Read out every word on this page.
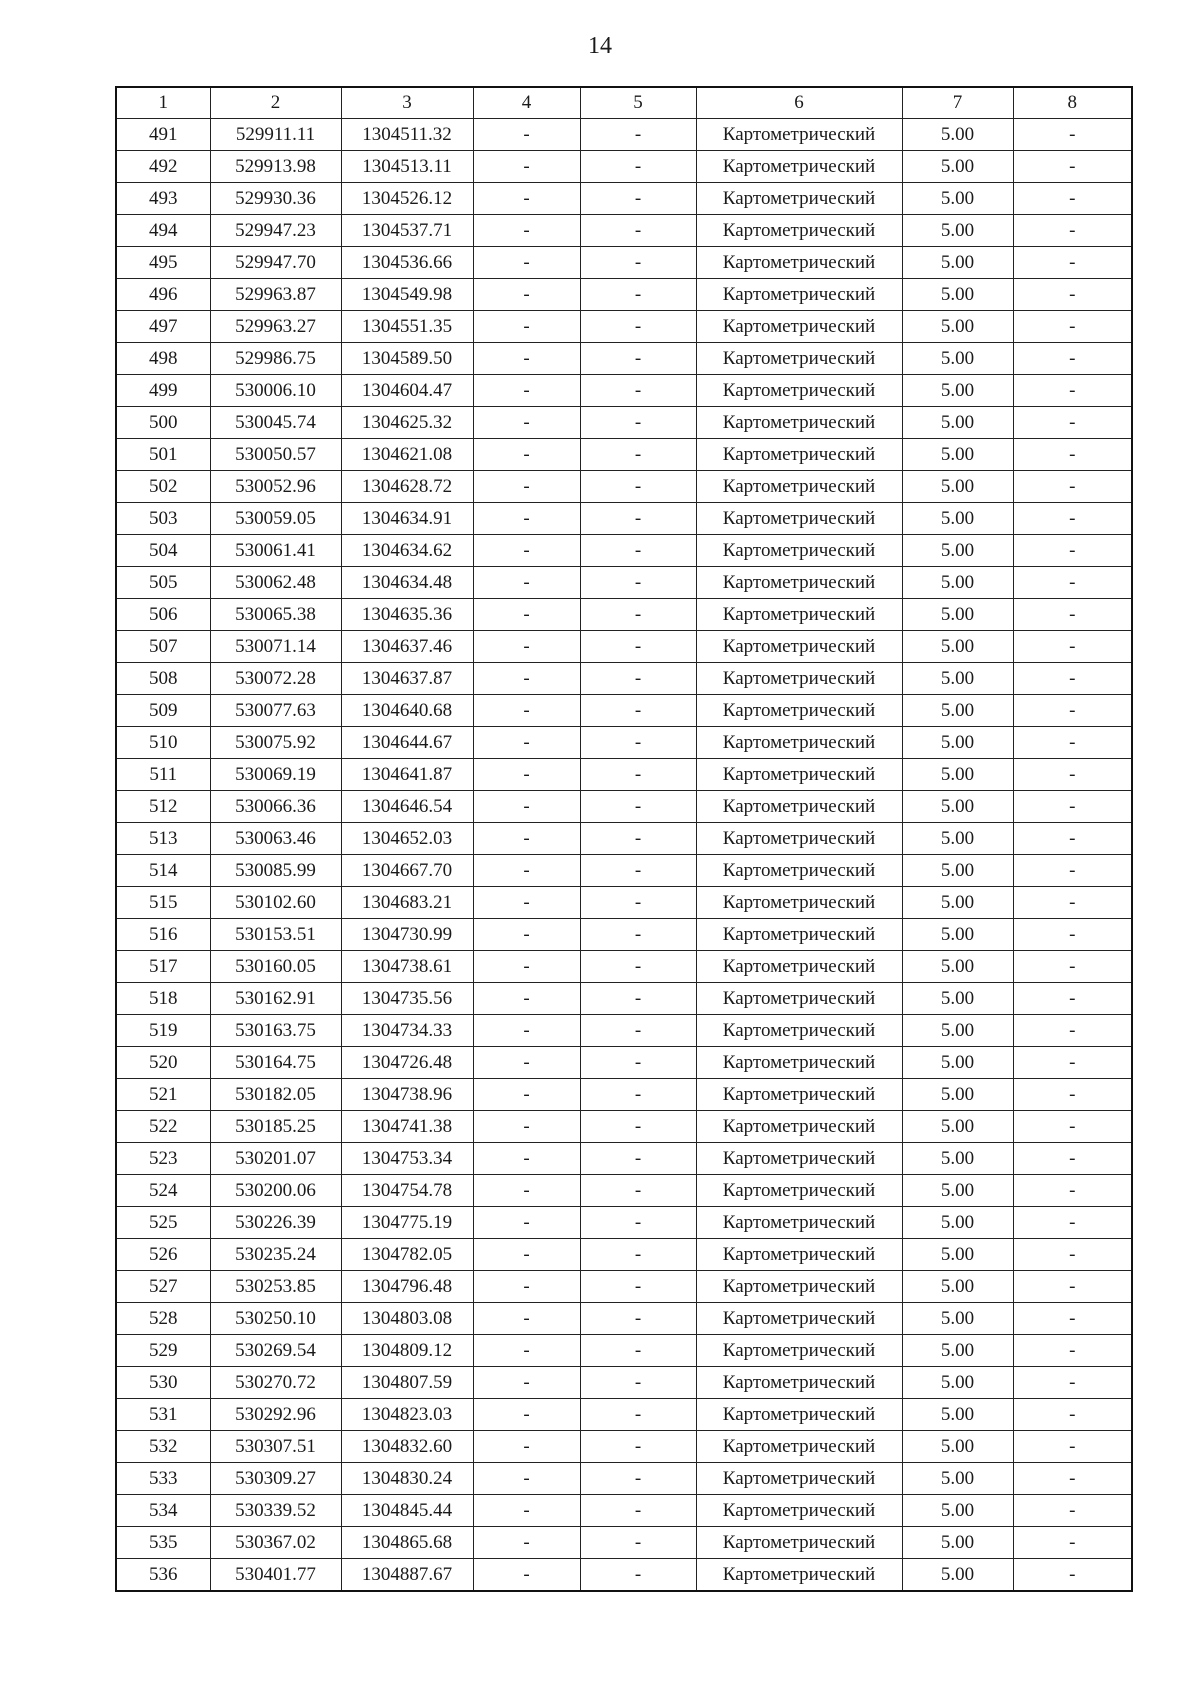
14
1	2	3	4	5	6	7	8
491	529911.11	1304511.32	-	-	Картометрический	5.00	-
492	529913.98	1304513.11	-	-	Картометрический	5.00	-
493	529930.36	1304526.12	-	-	Картометрический	5.00	-
494	529947.23	1304537.71	-	-	Картометрический	5.00	-
495	529947.70	1304536.66	-	-	Картометрический	5.00	-
496	529963.87	1304549.98	-	-	Картометрический	5.00	-
497	529963.27	1304551.35	-	-	Картометрический	5.00	-
498	529986.75	1304589.50	-	-	Картометрический	5.00	-
499	530006.10	1304604.47	-	-	Картометрический	5.00	-
500	530045.74	1304625.32	-	-	Картометрический	5.00	-
501	530050.57	1304621.08	-	-	Картометрический	5.00	-
502	530052.96	1304628.72	-	-	Картометрический	5.00	-
503	530059.05	1304634.91	-	-	Картометрический	5.00	-
504	530061.41	1304634.62	-	-	Картометрический	5.00	-
505	530062.48	1304634.48	-	-	Картометрический	5.00	-
506	530065.38	1304635.36	-	-	Картометрический	5.00	-
507	530071.14	1304637.46	-	-	Картометрический	5.00	-
508	530072.28	1304637.87	-	-	Картометрический	5.00	-
509	530077.63	1304640.68	-	-	Картометрический	5.00	-
510	530075.92	1304644.67	-	-	Картометрический	5.00	-
511	530069.19	1304641.87	-	-	Картометрический	5.00	-
512	530066.36	1304646.54	-	-	Картометрический	5.00	-
513	530063.46	1304652.03	-	-	Картометрический	5.00	-
514	530085.99	1304667.70	-	-	Картометрический	5.00	-
515	530102.60	1304683.21	-	-	Картометрический	5.00	-
516	530153.51	1304730.99	-	-	Картометрический	5.00	-
517	530160.05	1304738.61	-	-	Картометрический	5.00	-
518	530162.91	1304735.56	-	-	Картометрический	5.00	-
519	530163.75	1304734.33	-	-	Картометрический	5.00	-
520	530164.75	1304726.48	-	-	Картометрический	5.00	-
521	530182.05	1304738.96	-	-	Картометрический	5.00	-
522	530185.25	1304741.38	-	-	Картометрический	5.00	-
523	530201.07	1304753.34	-	-	Картометрический	5.00	-
524	530200.06	1304754.78	-	-	Картометрический	5.00	-
525	530226.39	1304775.19	-	-	Картометрический	5.00	-
526	530235.24	1304782.05	-	-	Картометрический	5.00	-
527	530253.85	1304796.48	-	-	Картометрический	5.00	-
528	530250.10	1304803.08	-	-	Картометрический	5.00	-
529	530269.54	1304809.12	-	-	Картометрический	5.00	-
530	530270.72	1304807.59	-	-	Картометрический	5.00	-
531	530292.96	1304823.03	-	-	Картометрический	5.00	-
532	530307.51	1304832.60	-	-	Картометрический	5.00	-
533	530309.27	1304830.24	-	-	Картометрический	5.00	-
534	530339.52	1304845.44	-	-	Картометрический	5.00	-
535	530367.02	1304865.68	-	-	Картометрический	5.00	-
536	530401.77	1304887.67	-	-	Картометрический	5.00	-
